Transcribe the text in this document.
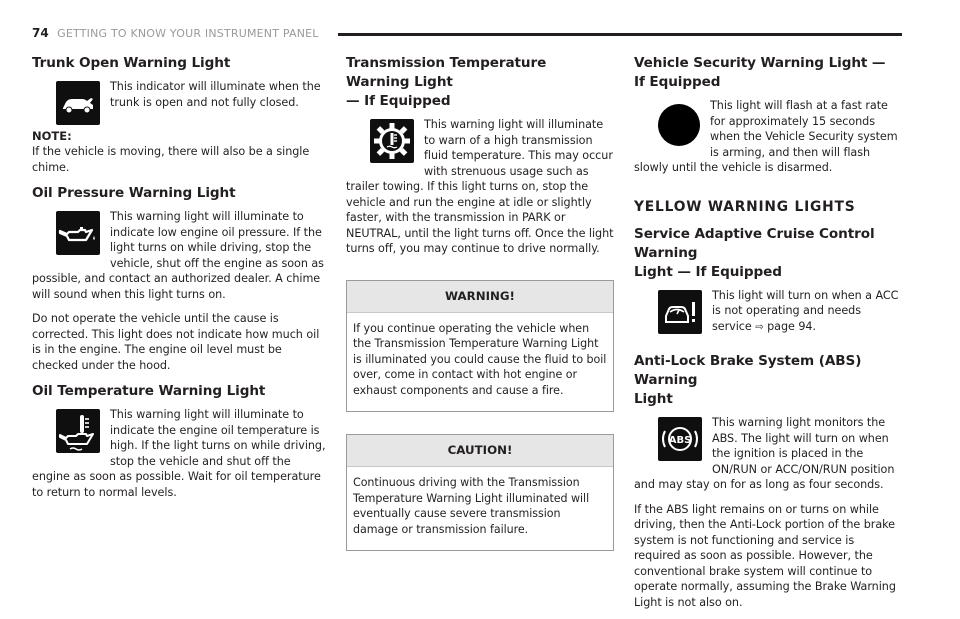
74 GETTING TO KNOW YOUR INSTRUMENT PANEL
Trunk Open Warning Light

This indicator will illuminate when the trunk is open and not fully closed.

NOTE:

If the vehicle is moving, there will also be a single chime.

Oil Pressure Warning Light

This warning light will illuminate to indicate low engine oil pressure. If the light turns on while driving, stop the vehicle, shut off the engine as soon as possible, and contact an authorized dealer. A chime will sound when this light turns on.

Do not operate the vehicle until the cause is corrected. This light does not indicate how much oil is in the engine. The engine oil level must be checked under the hood.

Oil Temperature Warning Light

This warning light will illuminate to indicate the engine oil temperature is high. If the light turns on while driving, stop the vehicle and shut off the engine as soon as possible. Wait for oil temperature to return to normal levels.

Transmission Temperature Warning Light
— If Equipped

This warning light will illuminate to warn of a high transmission fluid temperature. This may occur with strenuous usage such as trailer towing. If this light turns on, stop the vehicle and run the engine at idle or slightly faster, with the transmission in PARK or NEUTRAL, until the light turns off. Once the light turns off, you may continue to drive normally.

WARNING!

If you continue operating the vehicle when the Transmission Temperature Warning Light is illuminated you could cause the fluid to boil over, come in contact with hot engine or exhaust components and cause a fire.

CAUTION!

Continuous driving with the Transmission Temperature Warning Light illuminated will eventually cause severe transmission damage or transmission failure.

Vehicle Security Warning Light —
If Equipped

This light will flash at a fast rate for approximately 15 seconds when the Vehicle Security system is arming, and then will flash slowly until the vehicle is disarmed.

YELLOW WARNING LIGHTS
Service Adaptive Cruise Control Warning
Light — If Equipped

This light will turn on when a ACC is not operating and needs service ⇨ page 94.

Anti-Lock Brake System (ABS) Warning
Light
ABS

This warning light monitors the ABS. The light will turn on when the ignition is placed in the ON/RUN or ACC/ON/RUN position and may stay on for as long as four seconds.

If the ABS light remains on or turns on while driving, then the Anti-Lock portion of the brake system is not functioning and service is required as soon as possible. However, the conventional brake system will continue to operate normally, assuming the Brake Warning Light is not also on.
